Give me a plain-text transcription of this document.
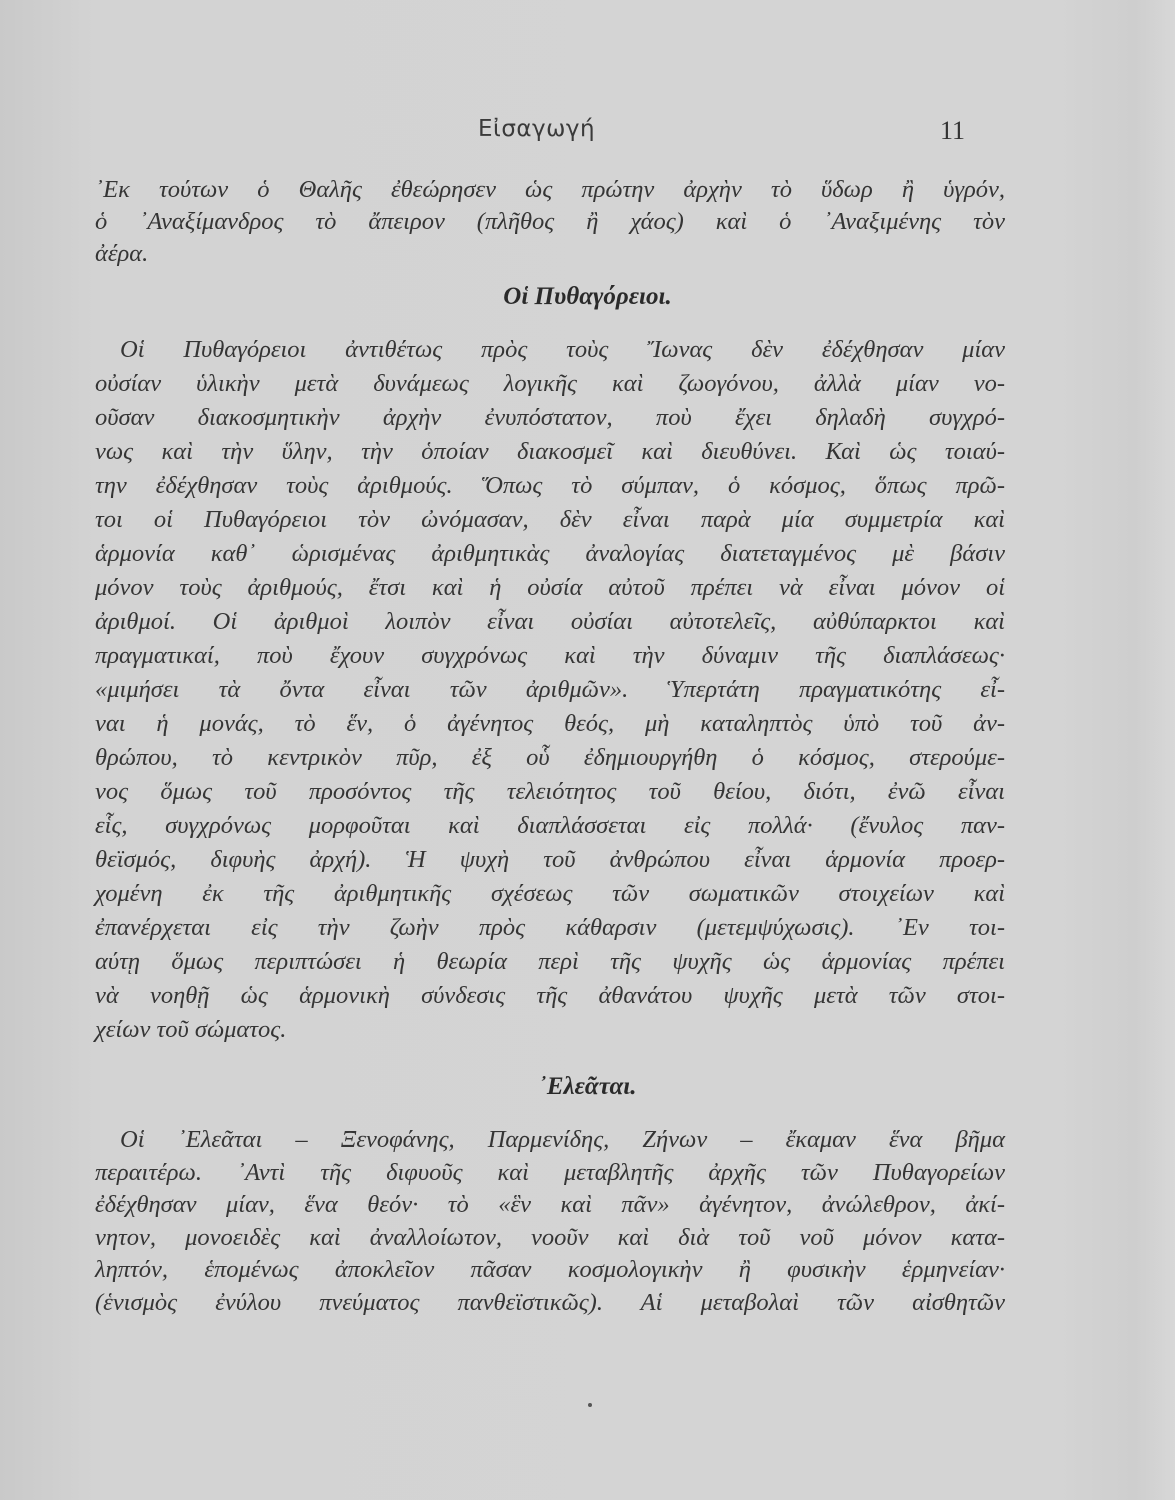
Εἰσαγωγή	11
᾿Εκ τούτων ὁ Θαλῆς ἐθεώρησεν ὡς πρώτην ἀρχὴν τὸ ὕδωρ ἢ ὑγρόν,
ὁ ᾿Αναξίμανδρος τὸ ἄπειρον (πλῆθος ἢ χάος) καὶ ὁ ᾿Αναξιμένης τὸν
ἀέρα.
Οἱ Πυθαγόρειοι.
Οἱ Πυθαγόρειοι ἀντιθέτως πρὸς τοὺς Ἴωνας δὲν ἐδέχθησαν μίαν
οὐσίαν ὑλικὴν μετὰ δυνάμεως λογικῆς καὶ ζωογόνου, ἀλλὰ μίαν νο-
οῦσαν διακοσμητικὴν ἀρχὴν ἐνυπόστατον, ποὺ ἔχει δηλαδὴ συγχρό-
νως καὶ τὴν ὕλην, τὴν ὁποίαν διακοσμεῖ καὶ διευθύνει. Καὶ ὡς τοιαύ-
την ἐδέχθησαν τοὺς ἀριθμούς. Ὅπως τὸ σύμπαν, ὁ κόσμος, ὅπως πρῶ-
τοι οἱ Πυθαγόρειοι τὸν ὠνόμασαν, δὲν εἶναι παρὰ μία συμμετρία καὶ
ἁρμονία καθ᾿ ὡρισμένας ἀριθμητικὰς ἀναλογίας διατεταγμένος μὲ βάσιν
μόνον τοὺς ἀριθμούς, ἔτσι καὶ ἡ οὐσία αὐτοῦ πρέπει νὰ εἶναι μόνον οἱ
ἀριθμοί. Οἱ ἀριθμοὶ λοιπὸν εἶναι οὐσίαι αὐτοτελεῖς, αὐθύπαρκτοι καὶ
πραγματικαί, ποὺ ἔχουν συγχρόνως καὶ τὴν δύναμιν τῆς διαπλάσεως·
«μιμήσει τὰ ὄντα εἶναι τῶν ἀριθμῶν». Ὑπερτάτη πραγματικότης εἶ-
ναι ἡ μονάς, τὸ ἕν, ὁ ἀγένητος θεός, μὴ καταληπτὸς ὑπὸ τοῦ ἀν-
θρώπου, τὸ κεντρικὸν πῦρ, ἐξ οὗ ἐδημιουργήθη ὁ κόσμος, στερούμε-
νος ὅμως τοῦ προσόντος τῆς τελειότητος τοῦ θείου, διότι, ἐνῶ εἶναι
εἷς, συγχρόνως μορφοῦται καὶ διαπλάσσεται εἰς πολλά· (ἔνυλος παν-
θεϊσμός, διφυὴς ἀρχή). Ἡ ψυχὴ τοῦ ἀνθρώπου εἶναι ἁρμονία προερ-
χομένη ἐκ τῆς ἀριθμητικῆς σχέσεως τῶν σωματικῶν στοιχείων καὶ
ἐπανέρχεται εἰς τὴν ζωὴν πρὸς κάθαρσιν (μετεμψύχωσις). ᾿Εν τοι-
αύτῃ ὅμως περιπτώσει ἡ θεωρία περὶ τῆς ψυχῆς ὡς ἁρμονίας πρέπει
νὰ νοηθῇ ὡς ἁρμονικὴ σύνδεσις τῆς ἀθανάτου ψυχῆς μετὰ τῶν στοι-
χείων τοῦ σώματος.
᾿Ελεᾶται.
Οἱ ᾿Ελεᾶται – Ξενοφάνης, Παρμενίδης, Ζήνων – ἔκαμαν ἕνα βῆμα
περαιτέρω. ᾿Αντὶ τῆς διφυοῦς καὶ μεταβλητῆς ἀρχῆς τῶν Πυθαγορείων
ἐδέχθησαν μίαν, ἕνα θεόν· τὸ «ἓν καὶ πᾶν» ἀγένητον, ἀνώλεθρον, ἀκί-
νητον, μονοειδὲς καὶ ἀναλλοίωτον, νοοῦν καὶ διὰ τοῦ νοῦ μόνον κατα-
ληπτόν, ἑπομένως ἀποκλεῖον πᾶσαν κοσμολογικὴν ἢ φυσικὴν ἑρμηνείαν·
(ἑνισμὸς ἐνύλου πνεύματος πανθεϊστικῶς). Αἱ μεταβολαὶ τῶν αἰσθητῶν
